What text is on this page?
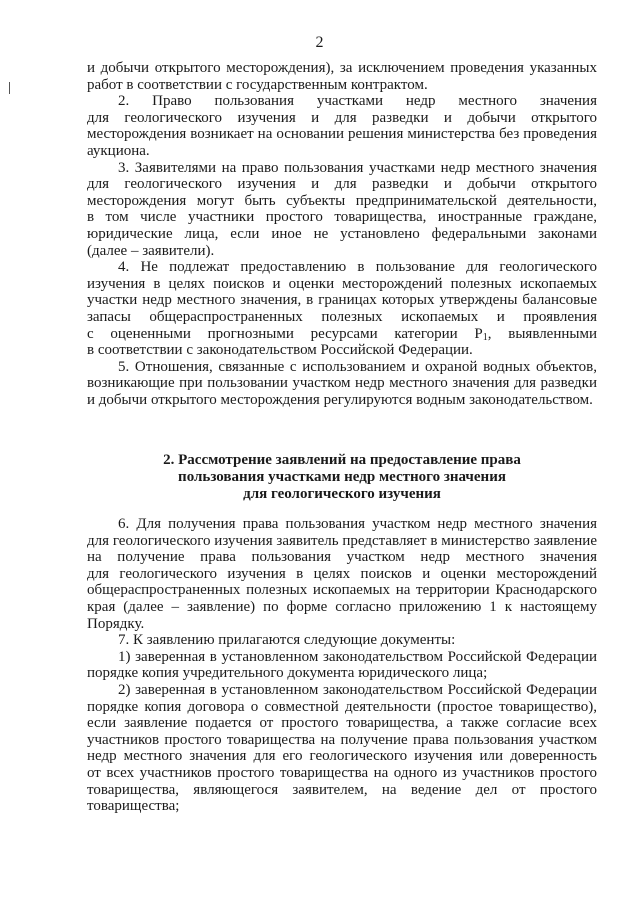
2
и добычи открытого месторождения), за исключением проведения указанных
работ в соответствии с государственным контрактом.
2. Право пользования участками недр местного значения
для геологического изучения и для разведки и добычи открытого
месторождения возникает на основании решения министерства без проведения
аукциона.
3. Заявителями на право пользования участками недр местного значения
для геологического изучения и для разведки и добычи открытого
месторождения могут быть субъекты предпринимательской деятельности,
в том числе участники простого товарищества, иностранные граждане,
юридические лица, если иное не установлено федеральными законами
(далее – заявители).
4. Не подлежат предоставлению в пользование для геологического
изучения в целях поисков и оценки месторождений полезных ископаемых
участки недр местного значения, в границах которых утверждены балансовые
запасы общераспространенных полезных ископаемых и проявления
с оцененными прогнозными ресурсами категории $Р_1$, выявленными
в соответствии с законодательством Российской Федерации.
5. Отношения, связанные с использованием и охраной водных объектов,
возникающие при пользовании участком недр местного значения для разведки
и добычи открытого месторождения регулируются водным законодательством.
2. Рассмотрение заявлений на предоставление права
пользования участками недр местного значения
для геологического изучения
6. Для получения права пользования участком недр местного значения
для геологического изучения заявитель представляет в министерство заявление
на получение права пользования участком недр местного значения
для геологического изучения в целях поисков и оценки месторождений
общераспространенных полезных ископаемых на территории Краснодарского
края (далее – заявление) по форме согласно приложению 1 к настоящему
Порядку.
7. К заявлению прилагаются следующие документы:
1) заверенная в установленном законодательством Российской Федерации
порядке копия учредительного документа юридического лица;
2) заверенная в установленном законодательством Российской Федерации
порядке копия договора о совместной деятельности (простое товарищество),
если заявление подается от простого товарищества, а также согласие всех
участников простого товарищества на получение права пользования участком
недр местного значения для его геологического изучения или доверенность
от всех участников простого товарищества на одного из участников простого
товарищества, являющегося заявителем, на ведение дел от простого
товарищества;
